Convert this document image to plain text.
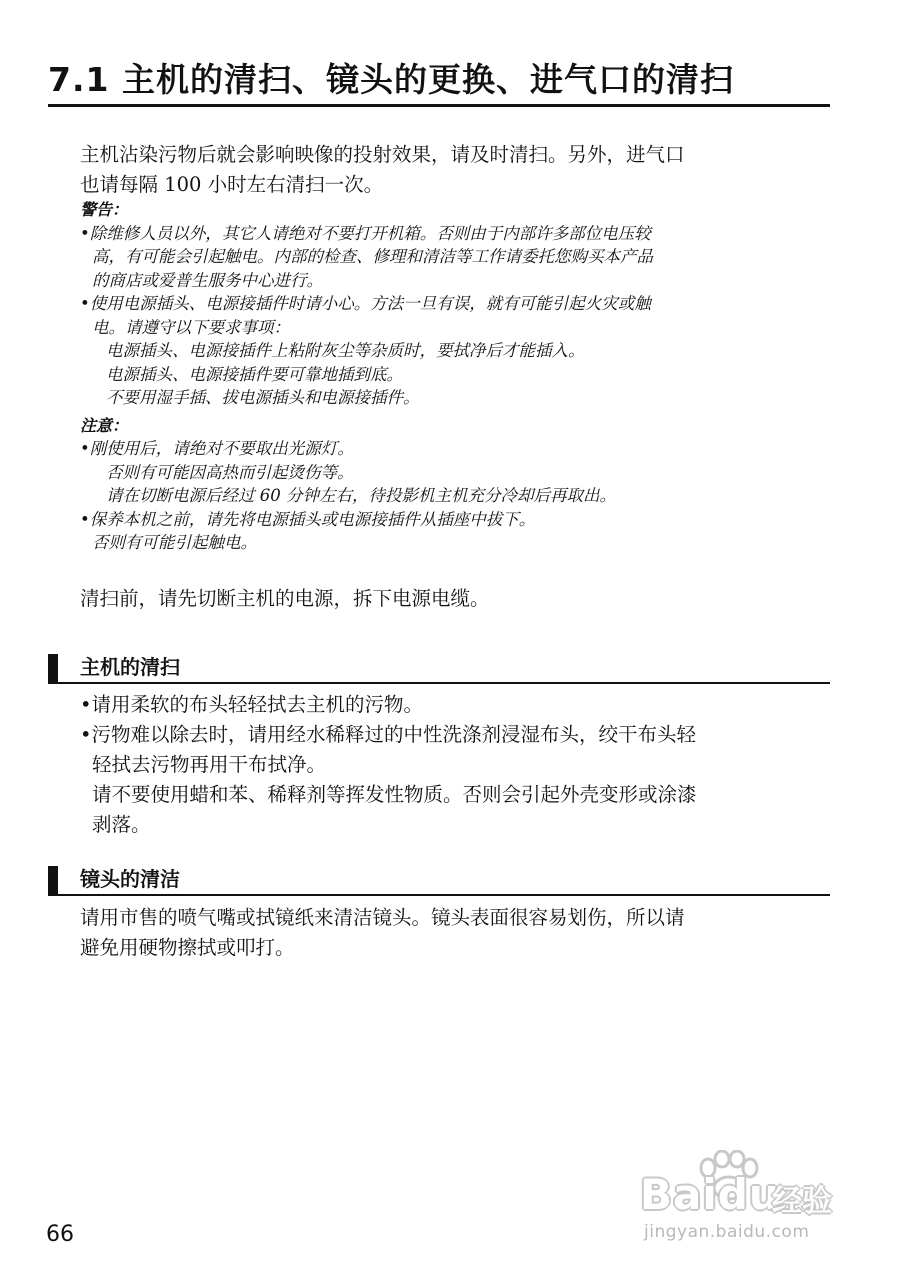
7.1 主机的清扫、镜头的更换、进气口的清扫
主机沾染污物后就会影响映像的投射效果，请及时清扫。另外，进气口
也请每隔 100 小时左右清扫一次。
警告：
•除维修人员以外，其它人请绝对不要打开机箱。否则由于内部许多部位电压较
高，有可能会引起触电。内部的检查、修理和清洁等工作请委托您购买本产品
的商店或爱普生服务中心进行。
•使用电源插头、电源接插件时请小心。方法一旦有误，就有可能引起火灾或触
电。请遵守以下要求事项：
电源插头、电源接插件上粘附灰尘等杂质时，要拭净后才能插入。
电源插头、电源接插件要可靠地插到底。
不要用湿手插、拔电源插头和电源接插件。
注意：
•刚使用后，请绝对不要取出光源灯。
否则有可能因高热而引起烫伤等。
请在切断电源后经过 60 分钟左右，待投影机主机充分冷却后再取出。
•保养本机之前，请先将电源插头或电源接插件从插座中拔下。
否则有可能引起触电。
清扫前，请先切断主机的电源，拆下电源电缆。
主机的清扫
•请用柔软的布头轻轻拭去主机的污物。
•污物难以除去时，请用经水稀释过的中性洗涤剂浸湿布头，绞干布头轻
轻拭去污物再用干布拭净。
请不要使用蜡和苯、稀释剂等挥发性物质。否则会引起外壳变形或涂漆
剥落。
镜头的清洁
请用市售的喷气嘴或拭镜纸来清洁镜头。镜头表面很容易划伤，所以请
避免用硬物擦拭或叩打。
66
Baidu
经验
jingyan.baidu.com
